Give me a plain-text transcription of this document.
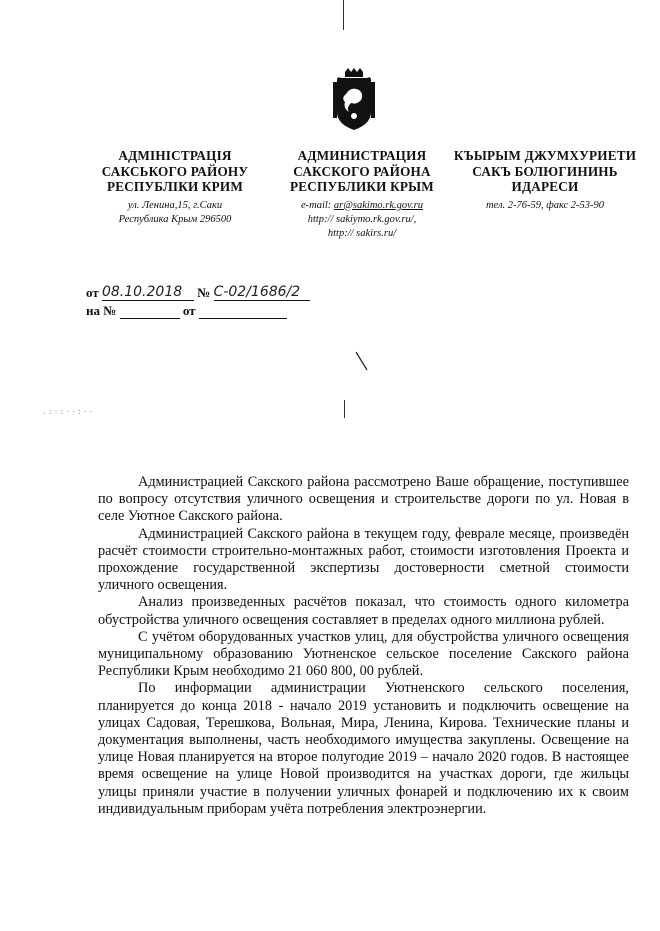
.:·:··:··
АДМІНІСТРАЦІЯ
САКСЬКОГО РАЙОНУ
РЕСПУБЛІКИ КРИМ
ул. Ленина,15, г.Саки
Республика Крым 296500
АДМИНИСТРАЦИЯ
САКСКОГО РАЙОНА
РЕСПУБЛИКИ КРЫМ
e-mail: ar@sakimo.rk.gov.ru
http:// sakiymo.rk.gov.ru/,
http:// sakirs.ru/
КЪЫРЫМ ДЖУМХУРИЕТИ
САКЪ БОЛЮГИНИНЬ
ИДАРЕСИ
тел. 2-76-59, факс 2-53-90
от 08.10.2018 № С-02/1686/2
на №	от

Администрацией Сакского района рассмотрено Ваше обращение, поступившее по вопросу отсутствия уличного освещения и строительстве дороги по ул. Новая в селе Уютное Сакского района.

Администрацией Сакского района в текущем году, феврале месяце, произведён расчёт стоимости строительно-монтажных работ, стоимости изготовления Проекта и прохождение государственной экспертизы достоверности сметной стоимости уличного освещения.

Анализ произведенных расчётов показал, что стоимость одного километра обустройства уличного освещения составляет в пределах одного миллиона рублей.

С учётом оборудованных участков улиц, для обустройства уличного освещения муниципальному образованию Уютненское сельское поселение Сакского района Республики Крым необходимо 21 060 800, 00 рублей.

По информации администрации Уютненского сельского поселения, планируется до конца 2018 - начало 2019 установить и подключить освещение на улицах Садовая, Терешкова, Вольная, Мира, Ленина, Кирова. Технические планы и документация выполнены, часть необходимого имущества закуплены. Освещение на улице Новая планируется на второе полугодие 2019 – начало 2020 годов. В настоящее время освещение на улице Новой производится на участках дороги, где жильцы улицы приняли участие в получении уличных фонарей и подключению их к своим индивидуальным приборам учёта потребления электроэнергии.
